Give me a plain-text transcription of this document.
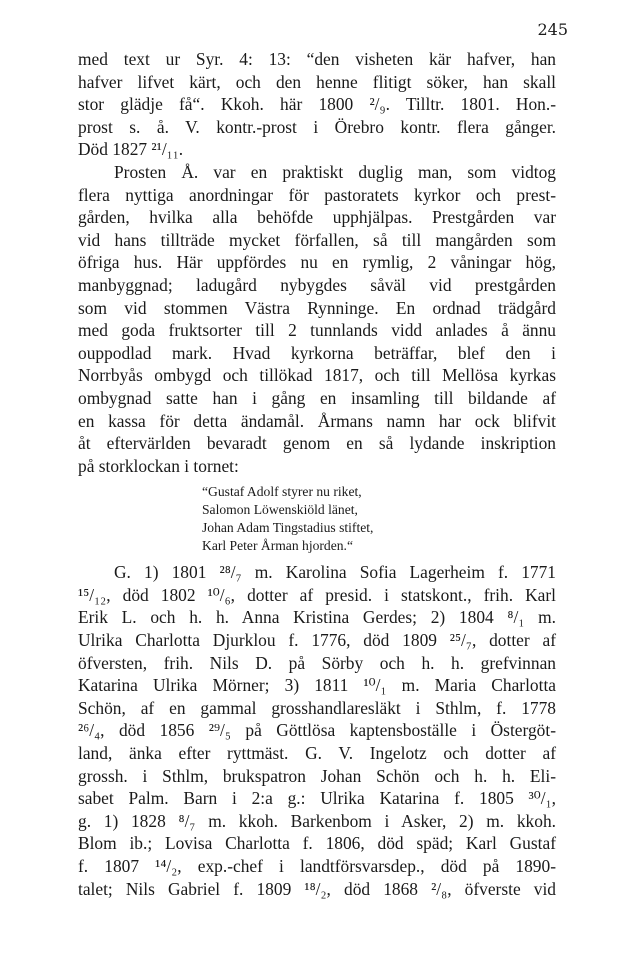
245
med text ur Syr. 4: 13: “den visheten kär hafver, han
hafver lifvet kärt, och den henne flitigt söker, han skall
stor glädje få“. Kkoh. här 1800 ²/₉. Tilltr. 1801. Hon.-
prost s. å. V. kontr.-prost i Örebro kontr. flera gånger.
Död 1827 ²¹/₁₁.
Prosten Å. var en praktiskt duglig man, som vidtog
flera nyttiga anordningar för pastoratets kyrkor och prest-
gården, hvilka alla behöfde upphjälpas. Prestgården var
vid hans tillträde mycket förfallen, så till mangården som
öfriga hus. Här uppfördes nu en rymlig, 2 våningar hög,
manbyggnad; ladugård nybygdes såväl vid prestgården
som vid stommen Västra Rynninge. En ordnad trädgård
med goda fruktsorter till 2 tunnlands vidd anlades å ännu
ouppodlad mark. Hvad kyrkorna beträffar, blef den i
Norrbyås ombygd och tillökad 1817, och till Mellösa kyrkas
ombygnad satte han i gång en insamling till bildande af
en kassa för detta ändamål. Årmans namn har ock blifvit
åt eftervärlden bevaradt genom en så lydande inskription
på storklockan i tornet:
“Gustaf Adolf styrer nu riket,
Salomon Löwenskiöld länet,
Johan Adam Tingstadius stiftet,
Karl Peter Årman hjorden.“
G. 1) 1801 ²⁸/₇ m. Karolina Sofia Lagerheim f. 1771
¹⁵/₁₂, död 1802 ¹⁰/₆, dotter af presid. i statskont., frih. Karl
Erik L. och h. h. Anna Kristina Gerdes; 2) 1804 ⁸/₁ m.
Ulrika Charlotta Djurklou f. 1776, död 1809 ²⁵/₇, dotter af
öfversten, frih. Nils D. på Sörby och h. h. grefvinnan
Katarina Ulrika Mörner; 3) 1811 ¹⁰/₁ m. Maria Charlotta
Schön, af en gammal grosshandlaresläkt i Sthlm, f. 1778
²⁶/₄, död 1856 ²⁹/₅ på Göttlösa kaptensboställe i Östergöt-
land, änka efter ryttmäst. G. V. Ingelotz och dotter af
grossh. i Sthlm, brukspatron Johan Schön och h. h. Eli-
sabet Palm. Barn i 2:a g.: Ulrika Katarina f. 1805 ³⁰/₁,
g. 1) 1828 ⁸/₇ m. kkoh. Barkenbom i Asker, 2) m. kkoh.
Blom ib.; Lovisa Charlotta f. 1806, död späd; Karl Gustaf
f. 1807 ¹⁴/₂, exp.-chef i landtförsvarsdep., död på 1890-
talet; Nils Gabriel f. 1809 ¹⁸/₂, död 1868 ²/₈, öfverste vid
